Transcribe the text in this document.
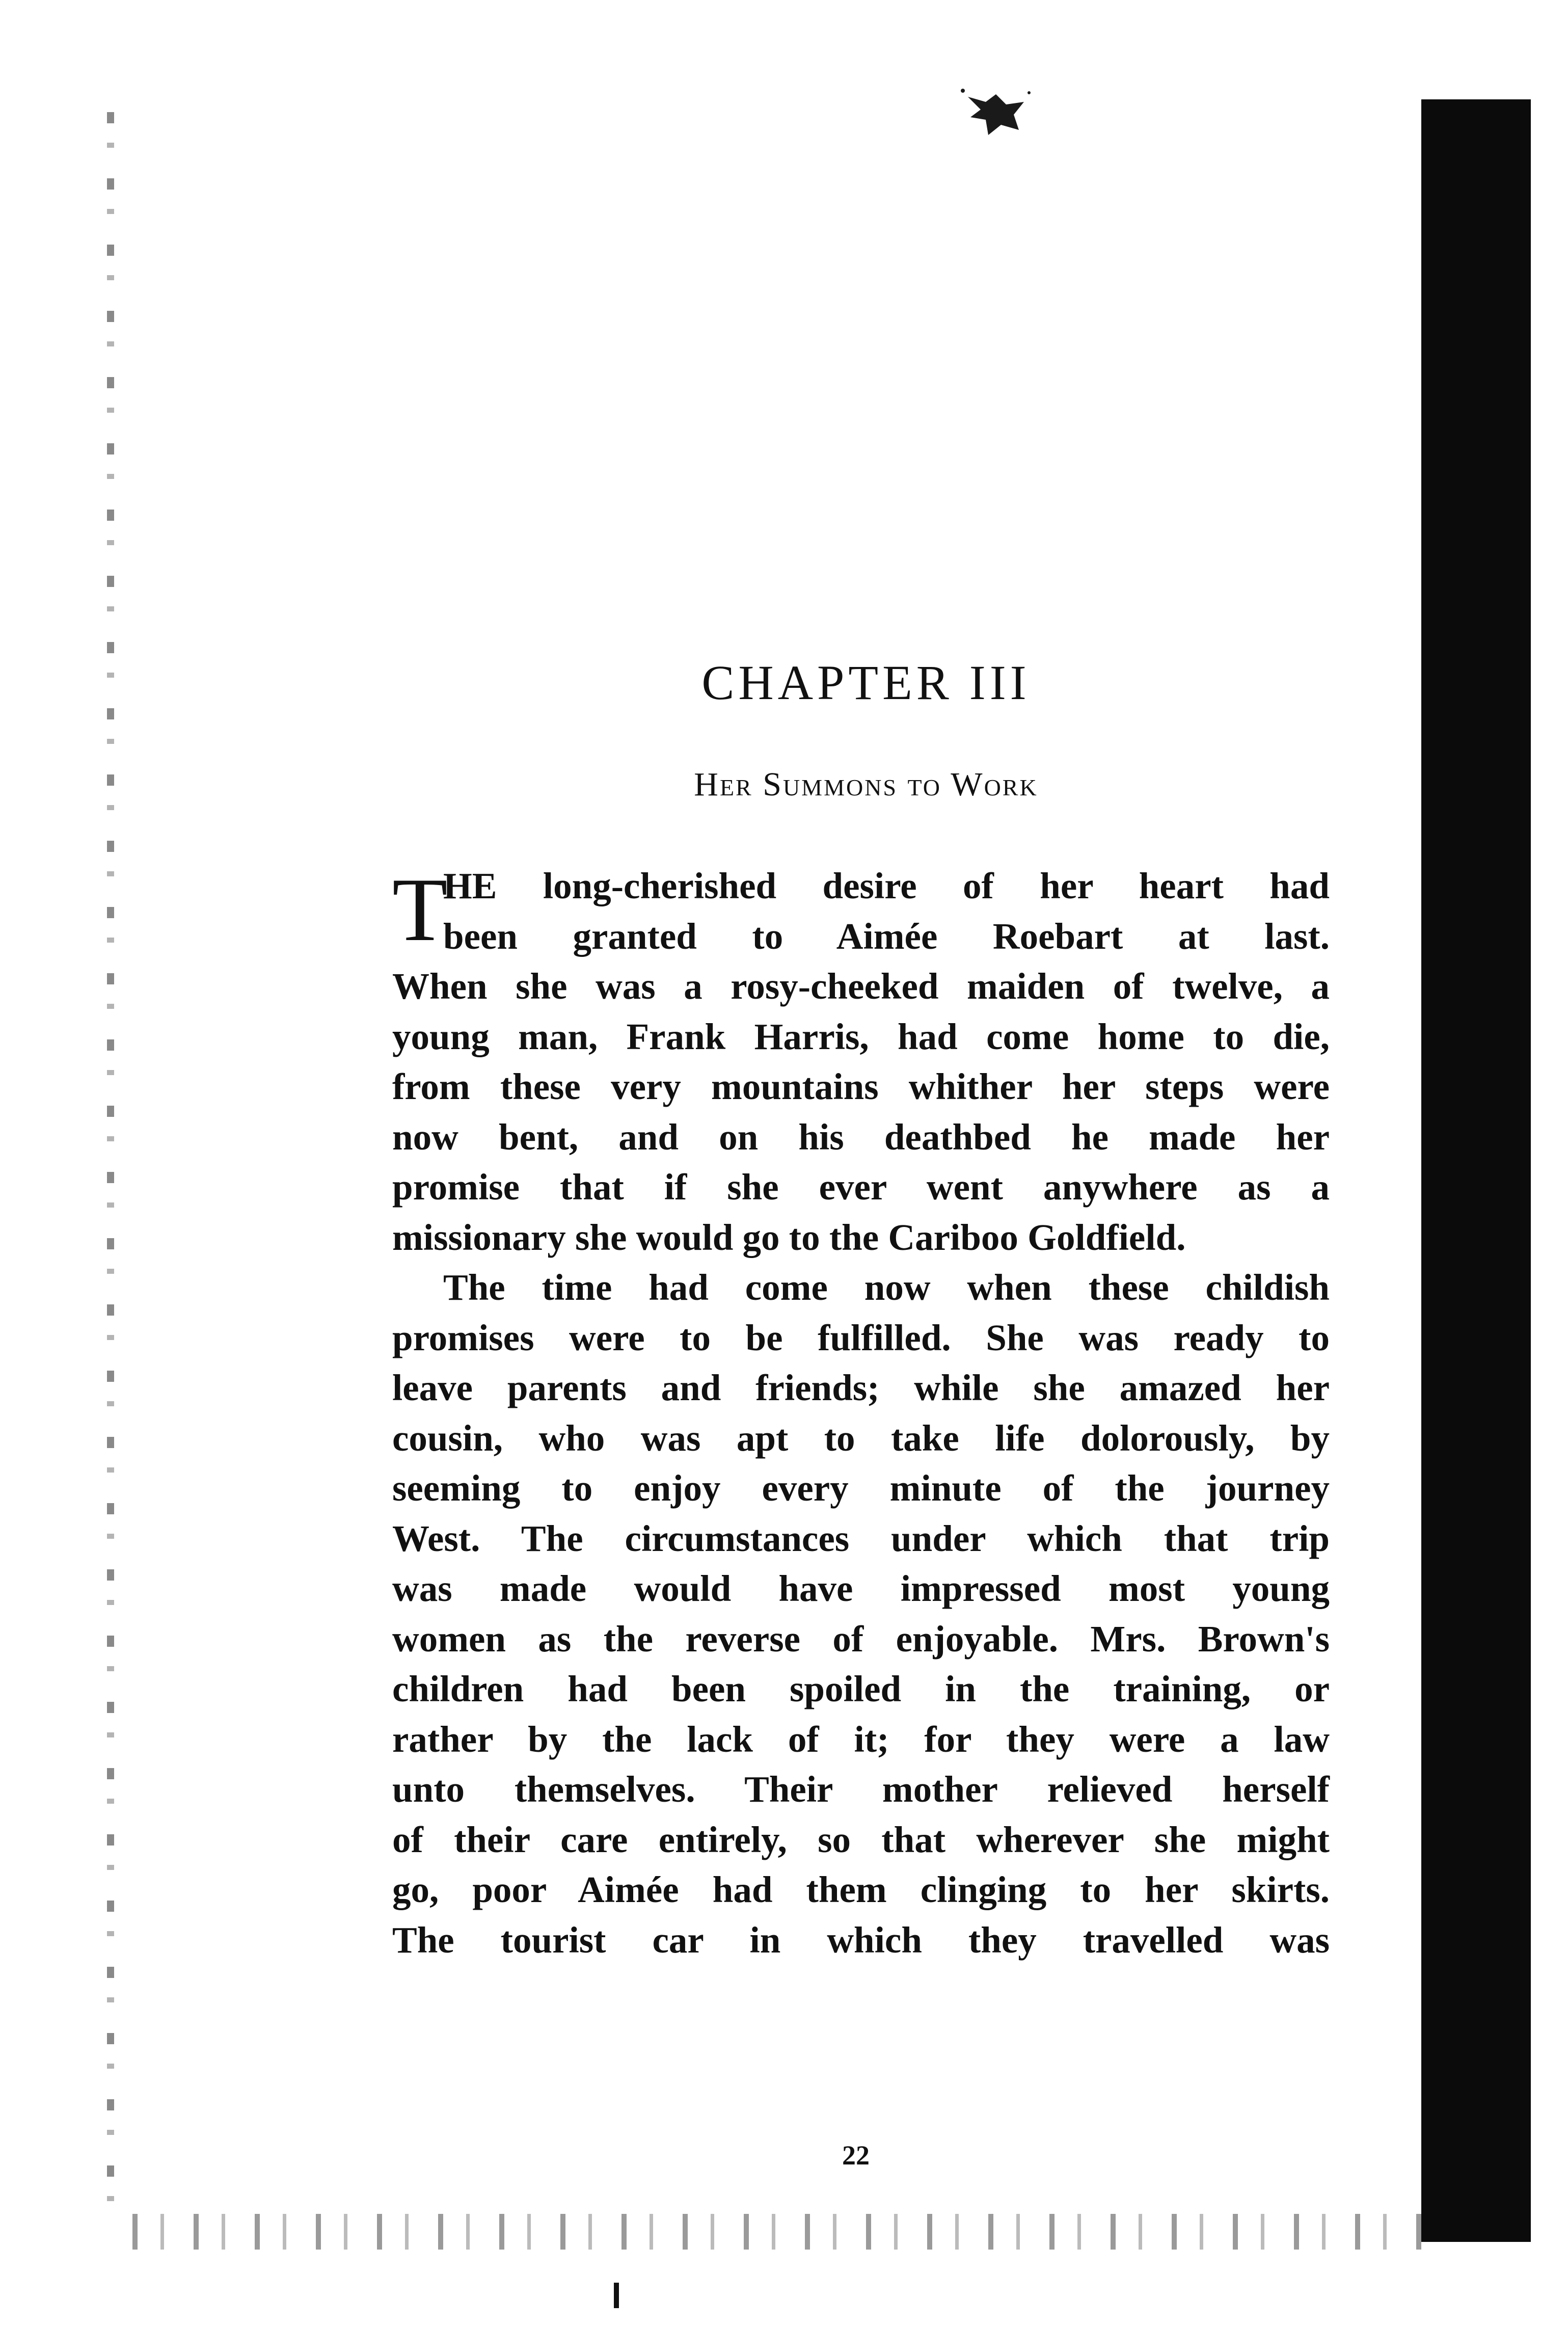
CHAPTER III
Her Summons to Work
T
HE long-cherished desire of her heart had
been granted to Aimée Roebart at last.
When she was a rosy-cheeked maiden of twelve, a
young man, Frank Harris, had come home to die,
from these very mountains whither her steps were
now bent, and on his deathbed he made her
promise that if she ever went anywhere as a
missionary she would go to the Cariboo Goldfield.
The time had come now when these childish
promises were to be fulfilled. She was ready to
leave parents and friends; while she amazed her
cousin, who was apt to take life dolorously, by
seeming to enjoy every minute of the journey
West. The circumstances under which that trip
was made would have impressed most young
women as the reverse of enjoyable. Mrs. Brown's
children had been spoiled in the training, or
rather by the lack of it; for they were a law
unto themselves. Their mother relieved herself
of their care entirely, so that wherever she might
go, poor Aimée had them clinging to her skirts.
The tourist car in which they travelled was
22
